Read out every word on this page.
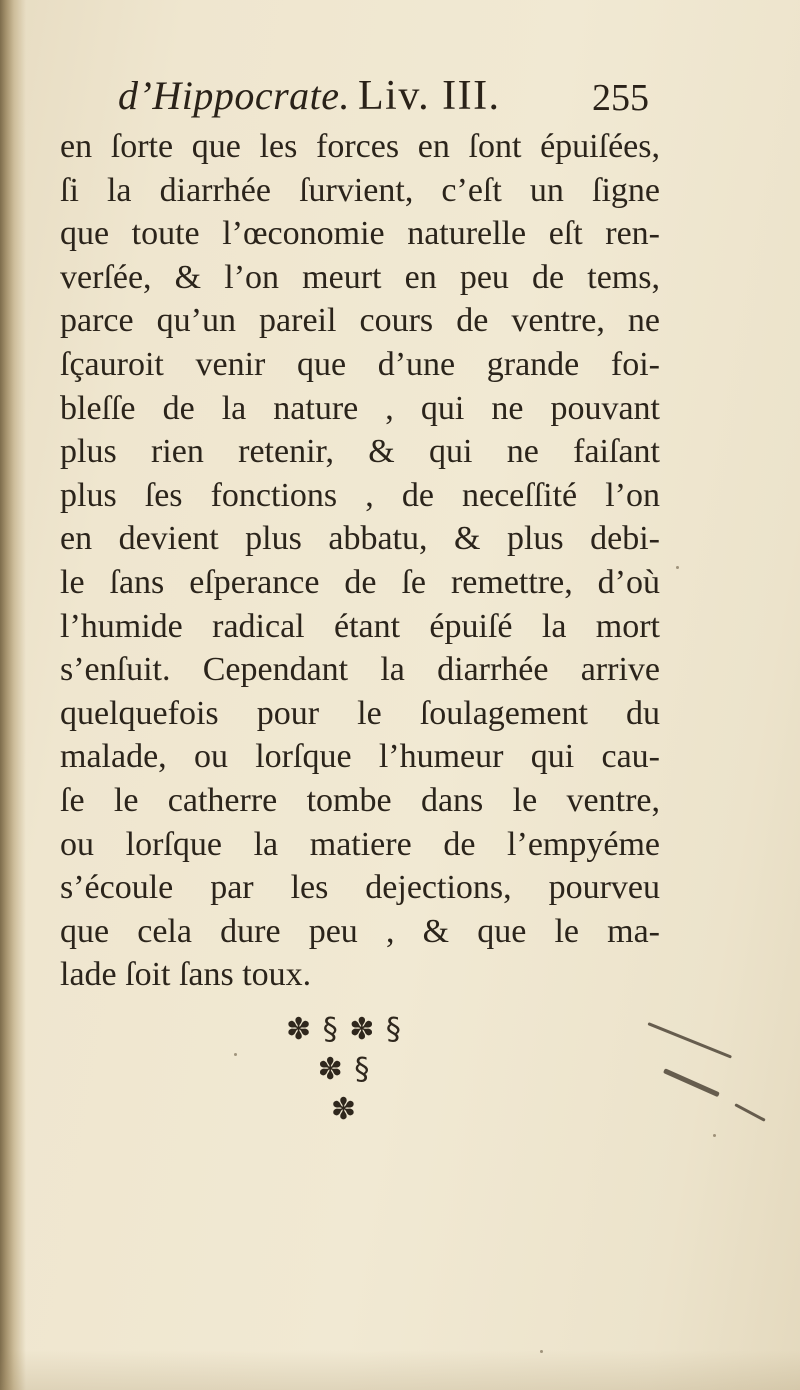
d’Hippocrate. Liv. III. 255
en ſorte que les forces en ſont épuiſées,
ſi la diarrhée ſurvient, c’eſt un ſigne
que toute l’œconomie naturelle eſt ren-
verſée, & l’on meurt en peu de tems,
parce qu’un pareil cours de ventre, ne
ſçauroit venir que d’une grande foi-
bleſſe de la nature , qui ne pouvant
plus rien retenir, & qui ne faiſant
plus ſes fonctions , de neceſſité l’on
en devient plus abbatu, & plus debi-
le ſans eſperance de ſe remettre, d’où
l’humide radical étant épuiſé la mort
s’enſuit. Cependant la diarrhée arrive
quelquefois pour le ſoulagement du
malade, ou lorſque l’humeur qui cau-
ſe le catherre tombe dans le ventre,
ou lorſque la matiere de l’empyéme
s’écoule par les dejections, pourveu
que cela dure peu , & que le ma-
lade ſoit ſans toux.
✽ § ✽ §
✽ §
✽
